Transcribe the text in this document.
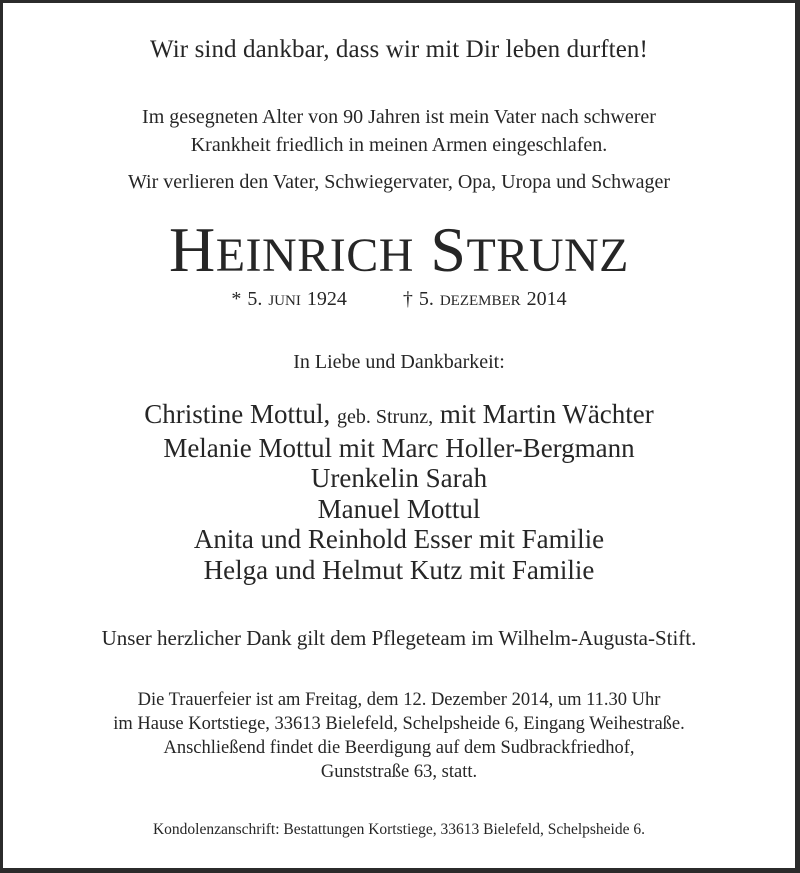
Wir sind dankbar, dass wir mit Dir leben durften!
Im gesegneten Alter von 90 Jahren ist mein Vater nach schwerer
Krankheit friedlich in meinen Armen eingeschlafen.
Wir verlieren den Vater, Schwiegervater, Opa, Uropa und Schwager
HEINRICH STRUNZ
* 5. JUNI 1924	† 5. DEZEMBER 2014
In Liebe und Dankbarkeit:
Christine Mottul, geb. Strunz, mit Martin Wächter
Melanie Mottul mit Marc Holler-Bergmann
Urenkelin Sarah
Manuel Mottul
Anita und Reinhold Esser mit Familie
Helga und Helmut Kutz mit Familie
Unser herzlicher Dank gilt dem Pflegeteam im Wilhelm-Augusta-Stift.
Die Trauerfeier ist am Freitag, dem 12. Dezember 2014, um 11.30 Uhr
im Hause Kortstiege, 33613 Bielefeld, Schelpsheide 6, Eingang Weihestraße.
Anschließend findet die Beerdigung auf dem Sudbrackfriedhof,
Gunststraße 63, statt.
Kondolenzanschrift: Bestattungen Kortstiege, 33613 Bielefeld, Schelpsheide 6.
